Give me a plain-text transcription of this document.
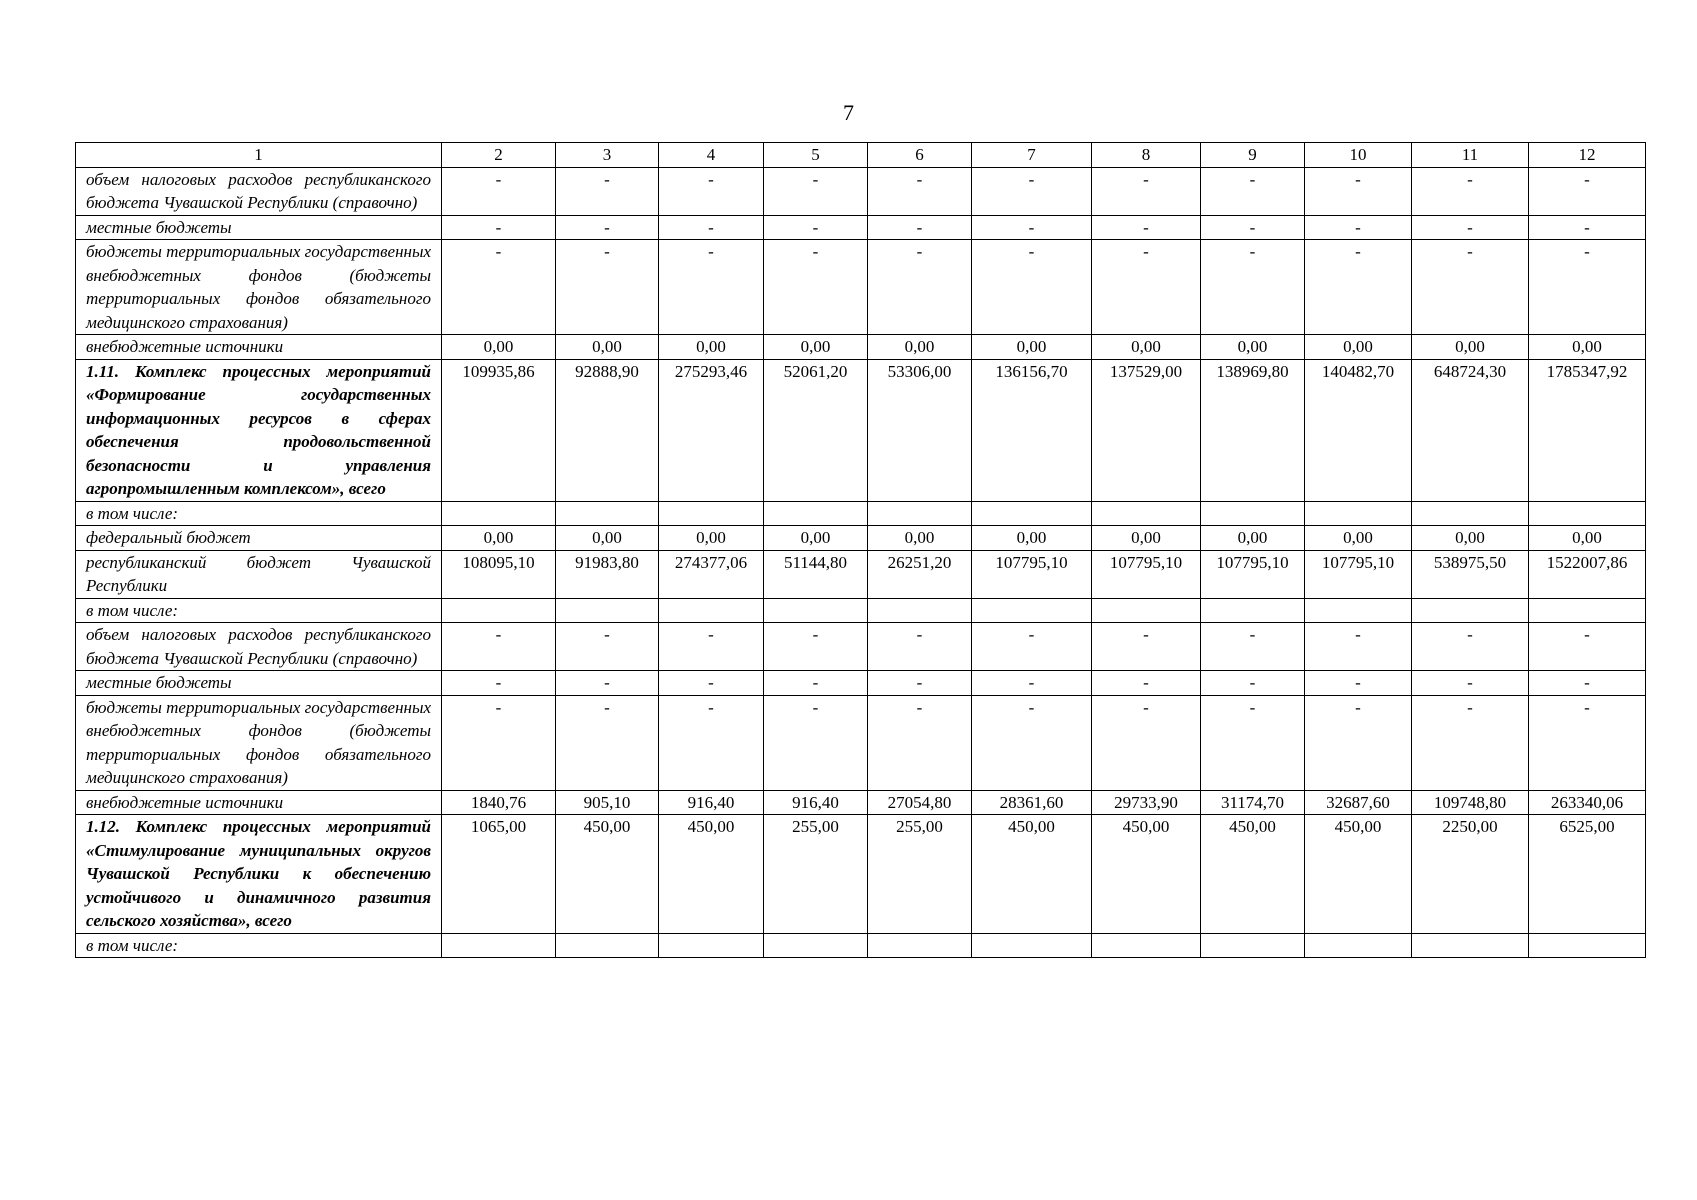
7
1	2	3	4	5	6	7	8	9	10	11	12
объем налоговых расходов республиканского бюджета Чувашской Республики (справочно)	-	-	-	-	-	-	-	-	-	-	-
местные бюджеты	-	-	-	-	-	-	-	-	-	-	-
бюджеты территориальных государственных внебюджетных фондов (бюджеты территориальных фондов обязательного медицинского страхования)	-	-	-	-	-	-	-	-	-	-	-
внебюджетные источники	0,00	0,00	0,00	0,00	0,00	0,00	0,00	0,00	0,00	0,00	0,00
1.11. Комплекс процессных мероприятий «Формирование государственных информационных ресурсов в сферах обеспечения продовольственной безопасности и управления агропромышленным комплексом», всего	109935,86	92888,90	275293,46	52061,20	53306,00	136156,70	137529,00	138969,80	140482,70	648724,30	1785347,92
в том числе:											
федеральный бюджет	0,00	0,00	0,00	0,00	0,00	0,00	0,00	0,00	0,00	0,00	0,00
республиканский бюджет Чувашской Республики	108095,10	91983,80	274377,06	51144,80	26251,20	107795,10	107795,10	107795,10	107795,10	538975,50	1522007,86
в том числе:											
объем налоговых расходов республиканского бюджета Чувашской Республики (справочно)	-	-	-	-	-	-	-	-	-	-	-
местные бюджеты	-	-	-	-	-	-	-	-	-	-	-
бюджеты территориальных государственных внебюджетных фондов (бюджеты территориальных фондов обязательного медицинского страхования)	-	-	-	-	-	-	-	-	-	-	-
внебюджетные источники	1840,76	905,10	916,40	916,40	27054,80	28361,60	29733,90	31174,70	32687,60	109748,80	263340,06
1.12. Комплекс процессных мероприятий «Стимулирование муниципальных округов Чувашской Республики к обеспечению устойчивого и динамичного развития сельского хозяйства», всего	1065,00	450,00	450,00	255,00	255,00	450,00	450,00	450,00	450,00	2250,00	6525,00
в том числе:											
